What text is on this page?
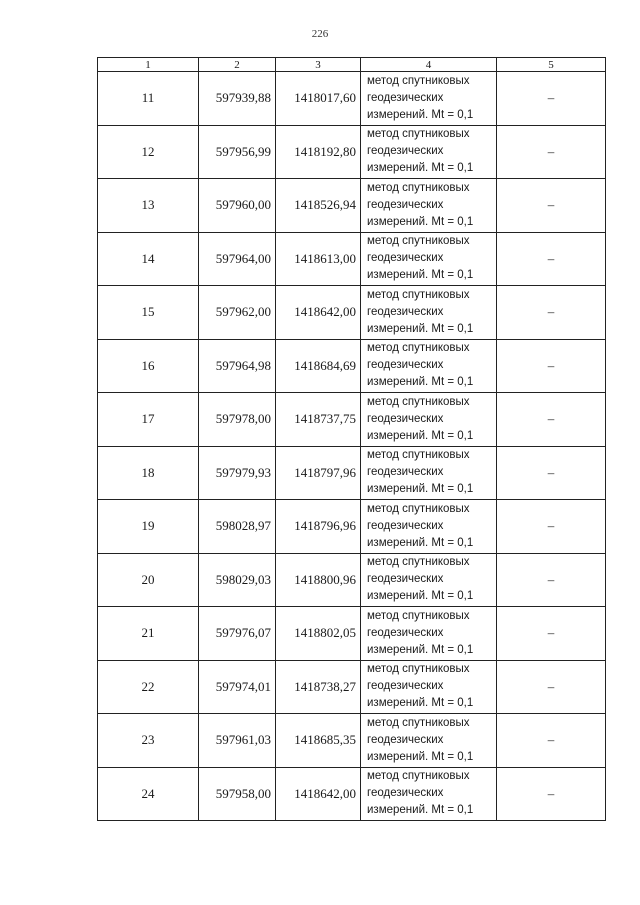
226
1	2	3	4	5
11	597939,88	1418017,60	метод спутниковых
геодезических
измерений. Mt = 0,1	–
12	597956,99	1418192,80	метод спутниковых
геодезических
измерений. Mt = 0,1	–
13	597960,00	1418526,94	метод спутниковых
геодезических
измерений. Mt = 0,1	–
14	597964,00	1418613,00	метод спутниковых
геодезических
измерений. Mt = 0,1	–
15	597962,00	1418642,00	метод спутниковых
геодезических
измерений. Mt = 0,1	–
16	597964,98	1418684,69	метод спутниковых
геодезических
измерений. Mt = 0,1	–
17	597978,00	1418737,75	метод спутниковых
геодезических
измерений. Mt = 0,1	–
18	597979,93	1418797,96	метод спутниковых
геодезических
измерений. Mt = 0,1	–
19	598028,97	1418796,96	метод спутниковых
геодезических
измерений. Mt = 0,1	–
20	598029,03	1418800,96	метод спутниковых
геодезических
измерений. Mt = 0,1	–
21	597976,07	1418802,05	метод спутниковых
геодезических
измерений. Mt = 0,1	–
22	597974,01	1418738,27	метод спутниковых
геодезических
измерений. Mt = 0,1	–
23	597961,03	1418685,35	метод спутниковых
геодезических
измерений. Mt = 0,1	–
24	597958,00	1418642,00	метод спутниковых
геодезических
измерений. Mt = 0,1	–
